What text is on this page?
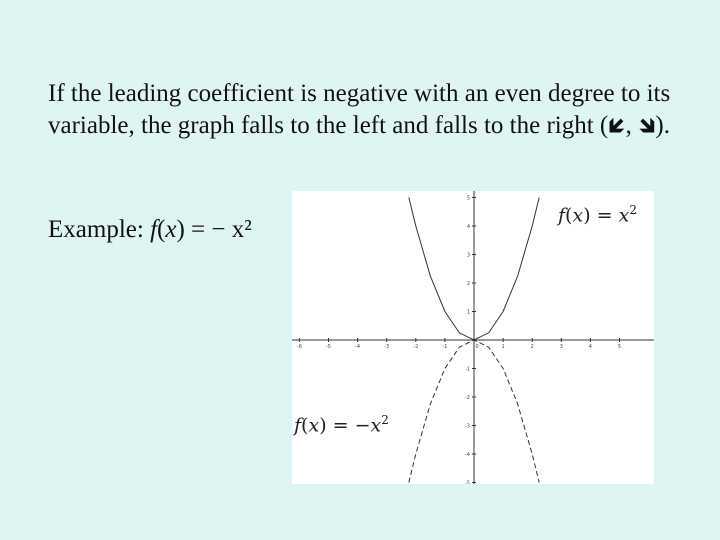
If the leading coefficient is negative with an even degree to its variable, the graph falls to the left and falls to the right (🡿, 🡾).

Example: f(x) = − x²

-6	-5	-4	-3	-2	-1	0	1	2	3	4	5
5
4
3
2
1
-1
-2
-3
-4
-5
$f(x) = x^2$
$f(x) = -x^2$
